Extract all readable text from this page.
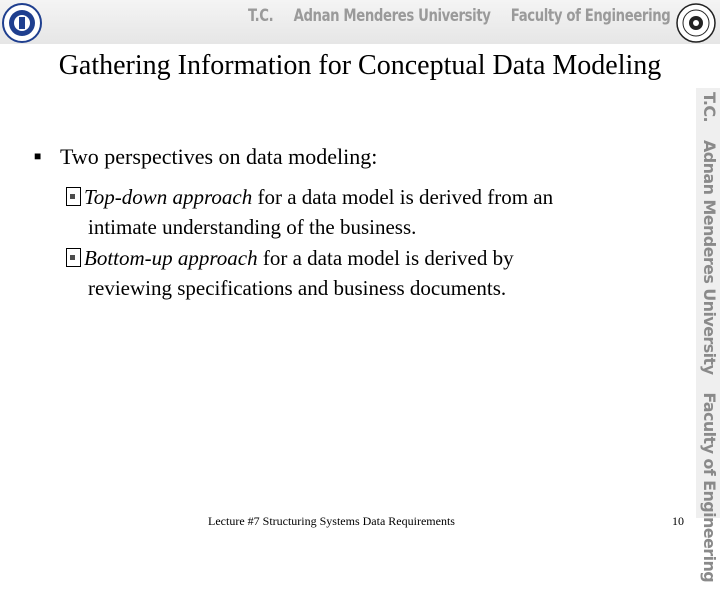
T.C. Adnan Menderes University Faculty of Engineering
Gathering Information for Conceptual Data Modeling
T.C.Adnan Menderes UniversityFaculty of Engineering
■ Two perspectives on data modeling:
Top-down approach for a data model is derived from an
intimate understanding of the business.
Bottom-up approach for a data model is derived by
reviewing specifications and business documents.
Lecture #7 Structuring Systems Data Requirements	10
